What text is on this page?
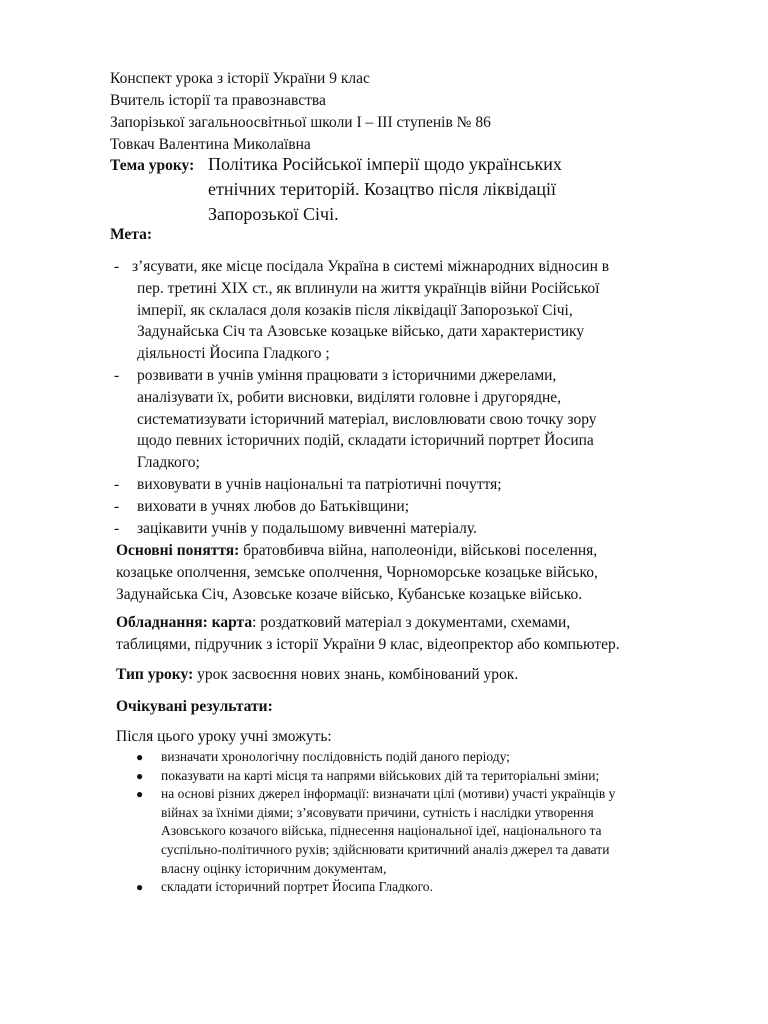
Конспект урока з історії України 9 клас
Вчитель історії та правознавства
Запорізької загальноосвітньої школи І – ІІІ ступенів № 86
Товкач Валентина Миколаївна
Тема уроку: Політика Російської імперії щодо українських
етнічних територій. Козацтво після ліквідації
Запорозької Січі.
Мета:
- з’ясувати, яке місце посідала Україна в системі міжнародних відносин в
пер. третині ХІХ ст., як вплинули на життя українців війни Російської
імперії, як склалася доля козаків після ліквідації Запорозької Січі,
Задунайська Січ та Азовське козацьке військо, дати характеристику
діяльності Йосипа Гладкого ;
- розвивати в учнів уміння працювати з історичними джерелами,
аналізувати їх, робити висновки, виділяти головне і другорядне,
систематизувати історичний матеріал, висловлювати свою точку зору
щодо певних історичних подій, складати історичний портрет Йосипа
Гладкого;
- виховувати в учнів національні та патріотичні почуття;
- виховати в учнях любов до Батьківщини;
- зацікавити учнів у подальшому вивченні матеріалу.
Основні поняття: братовбивча війна, наполеоніди, військові поселення,
козацьке ополчення, земське ополчення, Чорноморське козацьке військо,
Задунайська Січ, Азовське козаче військо, Кубанське козацьке військо.
Обладнання: карта: роздатковий матеріал з документами, схемами,
таблицями, підручник з історії України 9 клас, відеопректор або компьютер.
Тип уроку: урок засвоєння нових знань, комбінований урок.
Очікувані результати:
Після цього уроку учні зможуть:
● визначати хронологічну послідовність подій даного періоду;
● показувати на карті місця та напрями військових дій та територіальні зміни;
● на основі різних джерел інформації: визначати цілі (мотиви) участі українців у
війнах за їхніми діями; з’ясовувати причини, сутність і наслідки утворення
Азовського козачого війська, піднесення національної ідеї, національного та
суспільно-політичного рухів; здійснювати критичний аналіз джерел та давати
власну оцінку історичним документам,
● складати історичний портрет Йосипа Гладкого.
